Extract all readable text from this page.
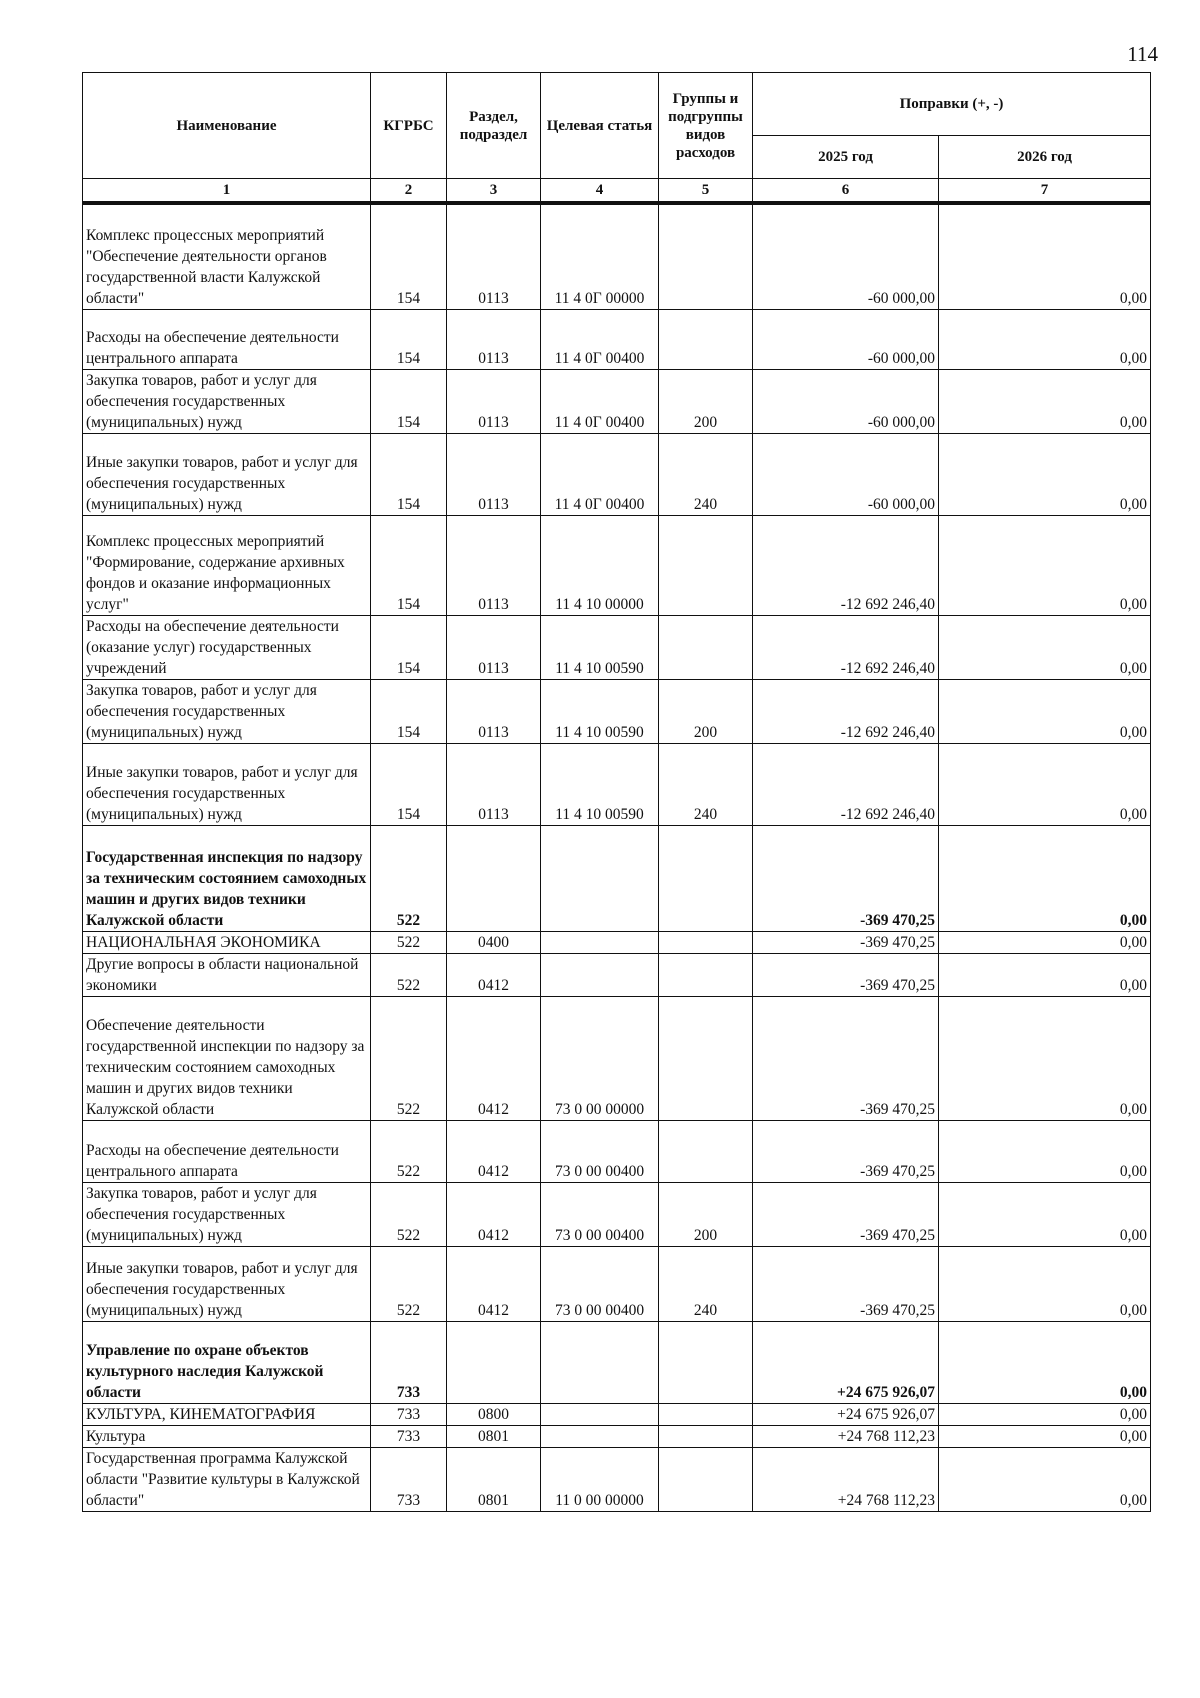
114
Наименование	КГРБС	Раздел, подраздел	Целевая статья	Группы и подгруппы видов расходов	Поправки (+, -)	
					2025 год	2026 год
1	2	3	4	5	6	7
Комплекс процессных мероприятий "Обеспечение деятельности органов государственной власти Калужской области"	154	0113	11 4 0Г 00000		-60 000,00	0,00
Расходы на обеспечение деятельности центрального аппарата	154	0113	11 4 0Г 00400		-60 000,00	0,00
Закупка товаров, работ и услуг для обеспечения государственных (муниципальных) нужд	154	0113	11 4 0Г 00400	200	-60 000,00	0,00
Иные закупки товаров, работ и услуг для обеспечения государственных (муниципальных) нужд	154	0113	11 4 0Г 00400	240	-60 000,00	0,00
Комплекс процессных мероприятий "Формирование, содержание архивных фондов и оказание информационных услуг"	154	0113	11 4 10 00000		-12 692 246,40	0,00
Расходы на обеспечение деятельности (оказание услуг) государственных учреждений	154	0113	11 4 10 00590		-12 692 246,40	0,00
Закупка товаров, работ и услуг для обеспечения государственных (муниципальных) нужд	154	0113	11 4 10 00590	200	-12 692 246,40	0,00
Иные закупки товаров, работ и услуг для обеспечения государственных (муниципальных) нужд	154	0113	11 4 10 00590	240	-12 692 246,40	0,00
Государственная инспекция по надзору за техническим состоянием самоходных машин и других видов техники Калужской области	522				-369 470,25	0,00
НАЦИОНАЛЬНАЯ ЭКОНОМИКА	522	0400			-369 470,25	0,00
Другие вопросы в области национальной экономики	522	0412			-369 470,25	0,00
Обеспечение деятельности государственной инспекции по надзору за техническим состоянием самоходных машин и других видов техники Калужской области	522	0412	73 0 00 00000		-369 470,25	0,00
Расходы на обеспечение деятельности центрального аппарата	522	0412	73 0 00 00400		-369 470,25	0,00
Закупка товаров, работ и услуг для обеспечения государственных (муниципальных) нужд	522	0412	73 0 00 00400	200	-369 470,25	0,00
Иные закупки товаров, работ и услуг для обеспечения государственных (муниципальных) нужд	522	0412	73 0 00 00400	240	-369 470,25	0,00
Управление по охране объектов культурного наследия Калужской области	733				+24 675 926,07	0,00
КУЛЬТУРА, КИНЕМАТОГРАФИЯ	733	0800			+24 675 926,07	0,00
Культура	733	0801			+24 768 112,23	0,00
Государственная программа Калужской области "Развитие культуры в Калужской области"	733	0801	11 0 00 00000		+24 768 112,23	0,00
